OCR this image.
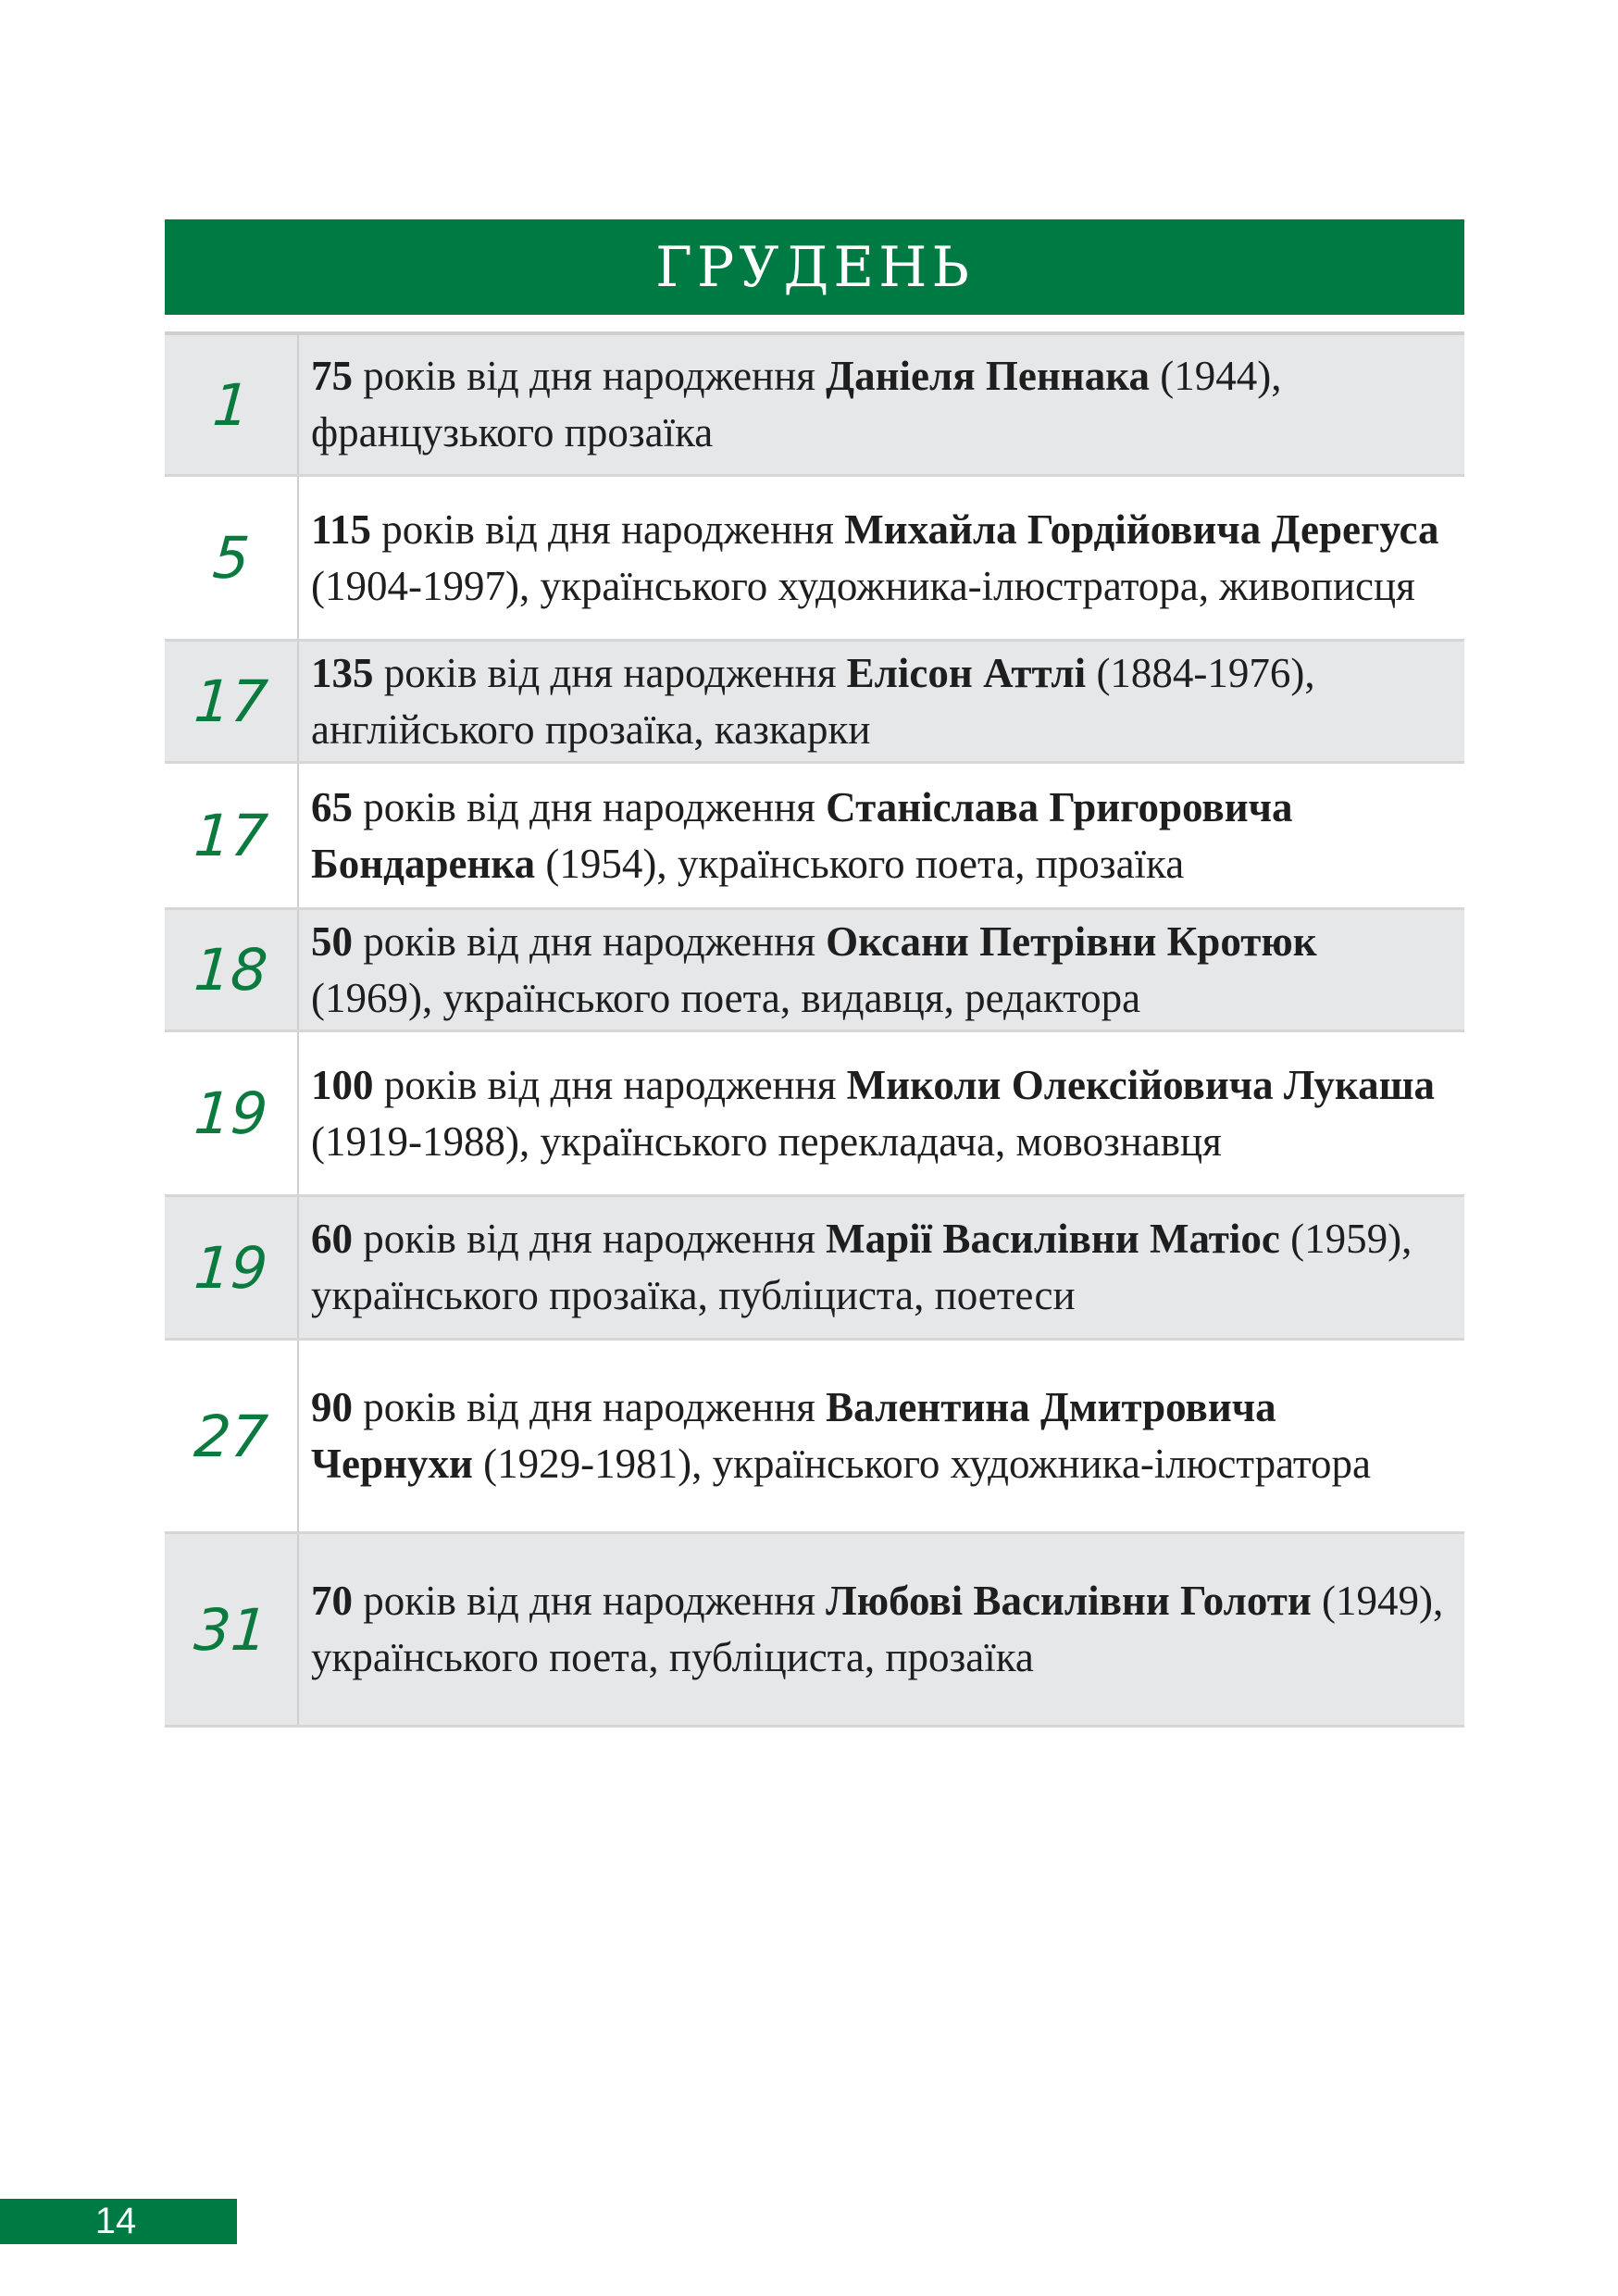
ГРУДЕНЬ
1 75 років від дня народження Даніеля Пеннака (1944), французького прозаїка

5 115 років від дня народження Михайла Гордійовича Дерегуса (1904-1997), українського художника-ілюстратора, живописця

17 135 років від дня народження Елісон Аттлі (1884-1976), англійського прозаїка, казкарки

17 65 років від дня народження Станіслава Григоровича Бондаренка (1954), українського поета, прозаїка

18 50 років від дня народження Оксани Петрівни Кротюк (1969), українського поета, видавця, редактора

19 100 років від дня народження Миколи Олексійовича Лукаша (1919-1988), українського перекладача, мовознавця

19 60 років від дня народження Марії Василівни Матіос (1959), українського прозаїка, публіциста, поетеси

27 90 років від дня народження Валентина Дмитровича Чернухи (1929-1981), українського художника-ілюстратора

31 70 років від дня народження Любові Василівни Голоти (1949), українського поета, публіциста, прозаїка

14
